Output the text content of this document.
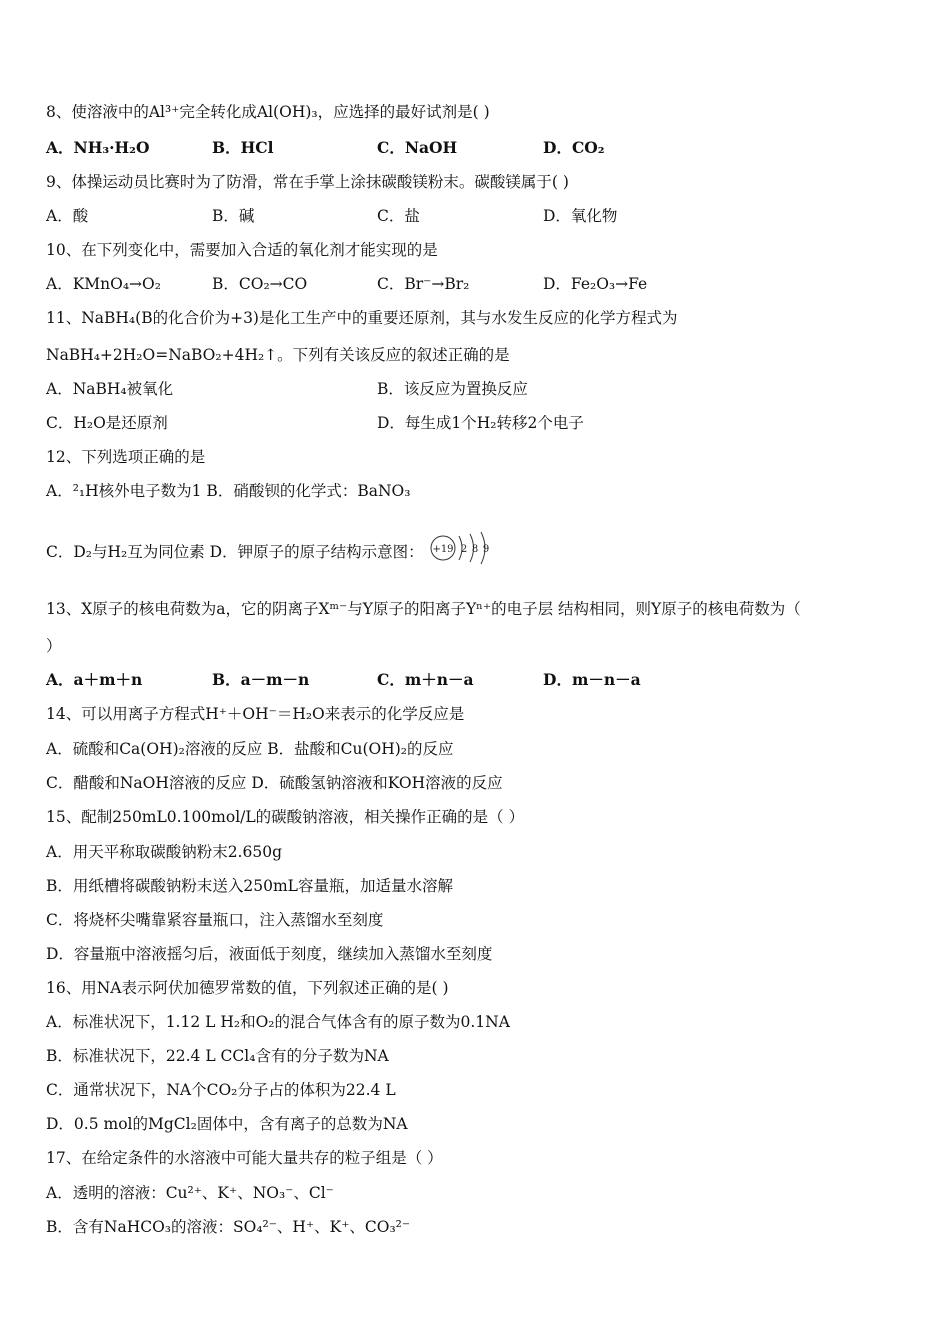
8、使溶液中的Al³⁺完全转化成Al(OH)₃，应选择的最好试剂是( )
A．NH₃·H₂O	B．HCl	C．NaOH	D．CO₂
9、体操运动员比赛时为了防滑，常在手掌上涂抹碳酸镁粉末。碳酸镁属于( )
A．酸	B．碱	C．盐	D．氧化物
10、在下列变化中，需要加入合适的氧化剂才能实现的是
A．KMnO₄→O₂	B．CO₂→CO	C．Br⁻→Br₂	D．Fe₂O₃→Fe
11、NaBH₄(B的化合价为+3)是化工生产中的重要还原剂，其与水发生反应的化学方程式为
NaBH₄+2H₂O=NaBO₂+4H₂↑。下列有关该反应的叙述正确的是
A．NaBH₄被氧化	B．该反应为置换反应
C．H₂O是还原剂	D．每生成1个H₂转移2个电子
12、下列选项正确的是
A．²₁H核外电子数为1 B．硝酸钡的化学式：BaNO₃
C．D₂与H₂互为同位素 D．钾原子的原子结构示意图： +19 2 8 9
13、X原子的核电荷数为a，它的阴离子Xᵐ⁻与Y原子的阳离子Yⁿ⁺的电子层 结构相同，则Y原子的核电荷数为（
）
A．a＋m＋n	B．a－m－n	C．m＋n－a	D．m－n－a
14、可以用离子方程式H⁺＋OH⁻＝H₂O来表示的化学反应是
A．硫酸和Ca(OH)₂溶液的反应 B．盐酸和Cu(OH)₂的反应
C．醋酸和NaOH溶液的反应 D．硫酸氢钠溶液和KOH溶液的反应
15、配制250mL0.100mol/L的碳酸钠溶液，相关操作正确的是（ ）
A．用天平称取碳酸钠粉末2.650g
B．用纸槽将碳酸钠粉末送入250mL容量瓶，加适量水溶解
C．将烧杯尖嘴靠紧容量瓶口，注入蒸馏水至刻度
D．容量瓶中溶液摇匀后，液面低于刻度，继续加入蒸馏水至刻度
16、用NA表示阿伏加德罗常数的值，下列叙述正确的是( )
A．标准状况下，1.12 L H₂和O₂的混合气体含有的原子数为0.1NA
B．标准状况下，22.4 L CCl₄含有的分子数为NA
C．通常状况下，NA个CO₂分子占的体积为22.4 L
D．0.5 mol的MgCl₂固体中，含有离子的总数为NA
17、在给定条件的水溶液中可能大量共存的粒子组是（ ）
A．透明的溶液：Cu²⁺、K⁺、NO₃⁻、Cl⁻
B．含有NaHCO₃的溶液：SO₄²⁻、H⁺、K⁺、CO₃²⁻
